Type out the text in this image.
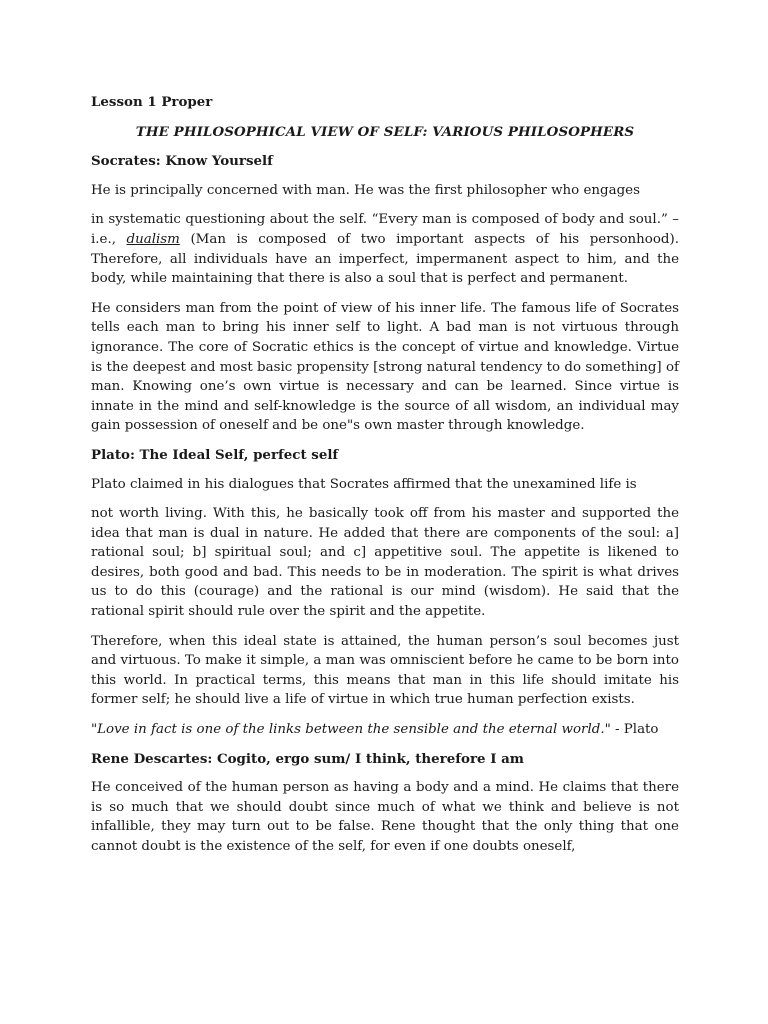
Lesson 1 Proper
THE PHILOSOPHICAL VIEW OF SELF: VARIOUS PHILOSOPHERS
Socrates: Know Yourself

He is principally concerned with man. He was the first philosopher who engages

in systematic questioning about the self. “Every man is composed of body and soul.” – i.e., dualism (Man is composed of two important aspects of his personhood). Therefore, all individuals have an imperfect, impermanent aspect to him, and the body, while maintaining that there is also a soul that is perfect and permanent.

He considers man from the point of view of his inner life. The famous life of Socrates tells each man to bring his inner self to light. A bad man is not virtuous through ignorance. The core of Socratic ethics is the concept of virtue and knowledge. Virtue is the deepest and most basic propensity [strong natural tendency to do something] of man. Knowing one’s own virtue is necessary and can be learned. Since virtue is innate in the mind and self-knowledge is the source of all wisdom, an individual may gain possession of oneself and be one"s own master through knowledge.

Plato: The Ideal Self, perfect self

Plato claimed in his dialogues that Socrates affirmed that the unexamined life is

not worth living. With this, he basically took off from his master and supported the idea that man is dual in nature. He added that there are components of the soul: a] rational soul; b] spiritual soul; and c] appetitive soul. The appetite is likened to desires, both good and bad. This needs to be in moderation. The spirit is what drives us to do this (courage) and the rational is our mind (wisdom). He said that the rational spirit should rule over the spirit and the appetite.

Therefore, when this ideal state is attained, the human person’s soul becomes just and virtuous. To make it simple, a man was omniscient before he came to be born into this world. In practical terms, this means that man in this life should imitate his former self; he should live a life of virtue in which true human perfection exists.

"Love in fact is one of the links between the sensible and the eternal world." - Plato

Rene Descartes: Cogito, ergo sum/ I think, therefore I am

He conceived of the human person as having a body and a mind. He claims that there is so much that we should doubt since much of what we think and believe is not infallible, they may turn out to be false. Rene thought that the only thing that one cannot doubt is the existence of the self, for even if one doubts oneself,
